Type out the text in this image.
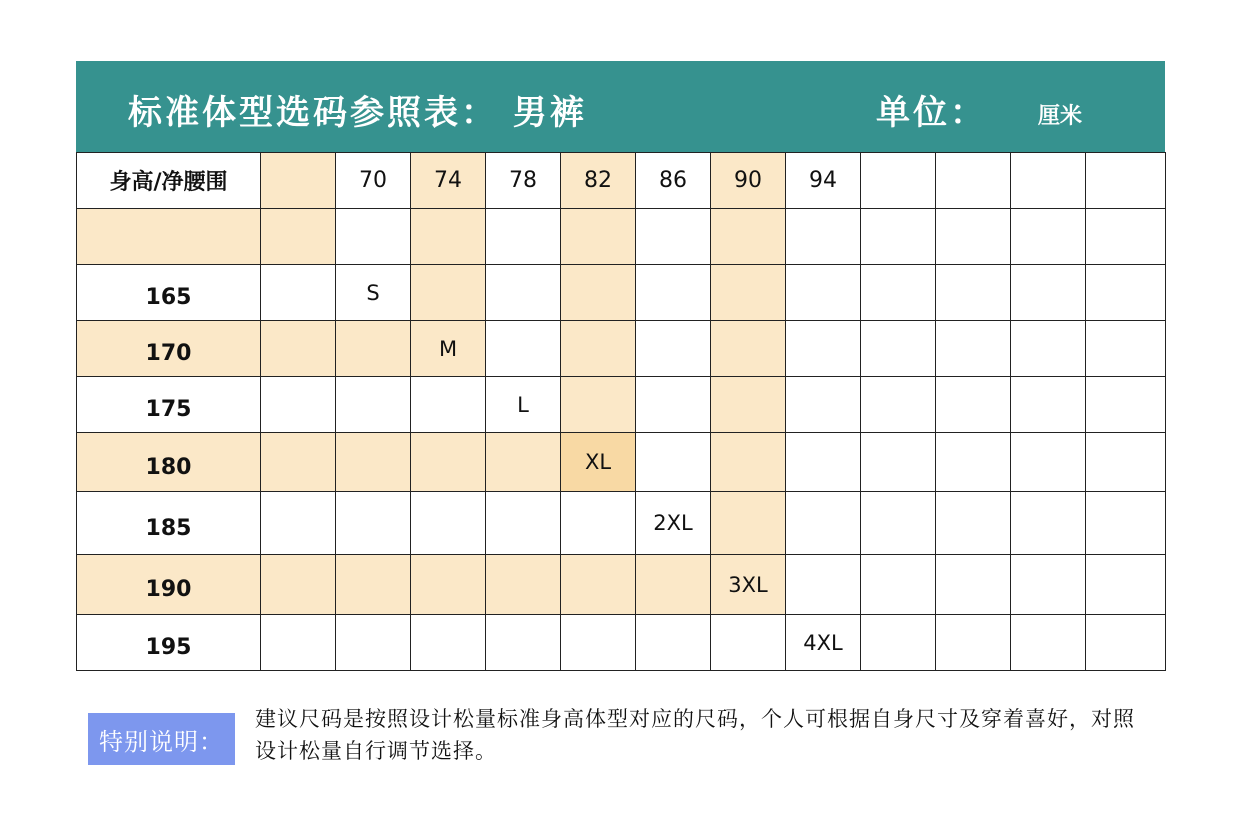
标准体型选码参照表： 男裤	单位： 厘米
身高/净腰围		70	74	78	82	86	90	94				

165		S										
170			M									
175				L								
180					XL							
185						2XL						
190							3XL					
195								4XL				
特别说明：
建议尺码是按照设计松量标准身高体型对应的尺码，个人可根据自身尺寸及穿着喜好，对照设计松量自行调节选择。
